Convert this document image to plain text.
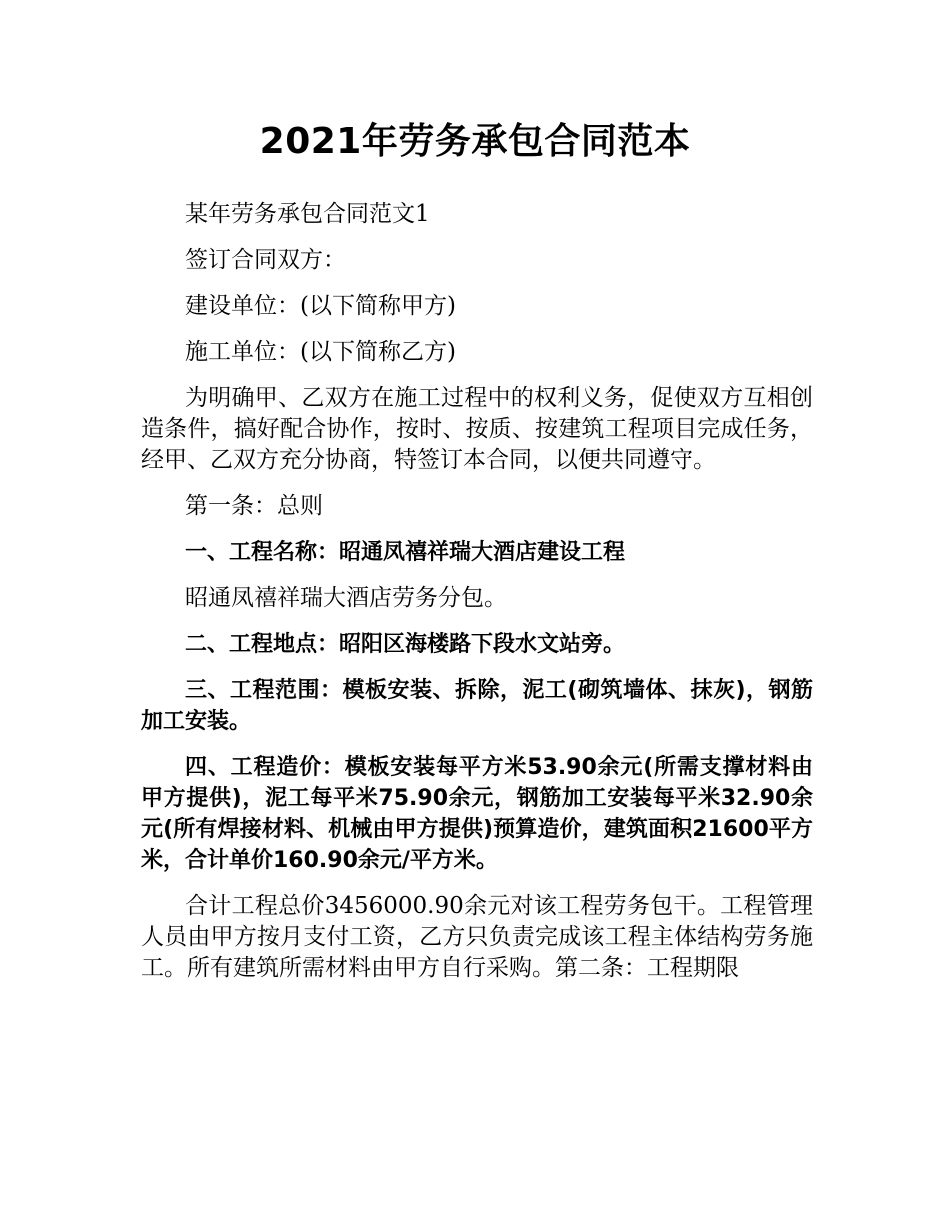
2021年劳务承包合同范本

某年劳务承包合同范文1

签订合同双方：

建设单位：(以下简称甲方)

施工单位：(以下简称乙方)

为明确甲、乙双方在施工过程中的权利义务，促使双方互相创造条件，搞好配合协作，按时、按质、按建筑工程项目完成任务，经甲、乙双方充分协商，特签订本合同，以便共同遵守。

第一条：总则

一、工程名称：昭通凤禧祥瑞大酒店建设工程

昭通凤禧祥瑞大酒店劳务分包。

二、工程地点：昭阳区海楼路下段水文站旁。

三、工程范围：模板安装、拆除，泥工(砌筑墙体、抹灰)，钢筋加工安装。

四、工程造价：模板安装每平方米53.90余元(所需支撑材料由甲方提供)，泥工每平米75.90余元，钢筋加工安装每平米32.90余元(所有焊接材料、机械由甲方提供)预算造价，建筑面积21600平方米，合计单价160.90余元/平方米。

合计工程总价3456000.90余元对该工程劳务包干。工程管理人员由甲方按月支付工资，乙方只负责完成该工程主体结构劳务施工。所有建筑所需材料由甲方自行采购。第二条：工程期限
